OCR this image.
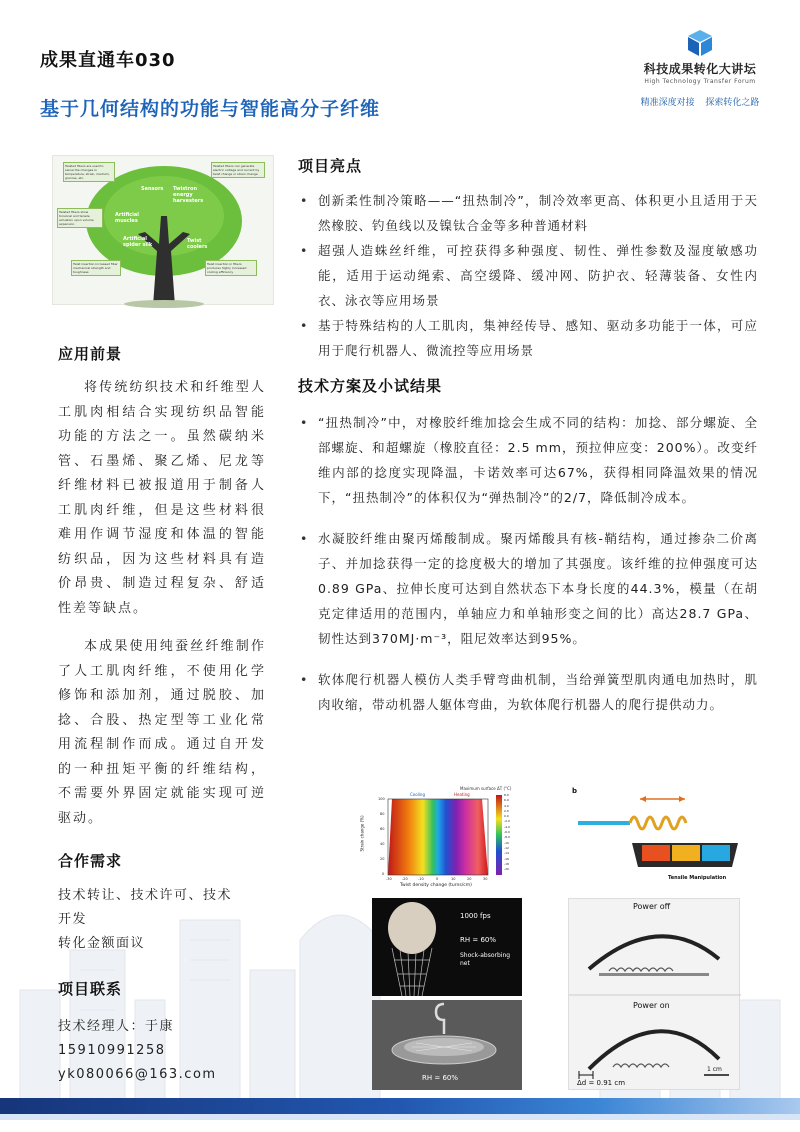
成果直通车030	科技成果转化大讲坛
High Technology Transfer Forum
精准深度对接 探索转化之路
基于几何结构的功能与智能高分子纤维
Twisted fibers are used to sense the changes in temperature, strain, medium, glucose, etc.
Twisted fibers can generate electric voltage and current by twist change or strain change
Twisted fibers show torsional and tensile actuation upon volume expansion
Twist insertion increased fiber mechanical strength and toughness
Twist insertion in fibers produces highly increased cooling efficiency
Sensors Twistron energy harvesters
Artificial muscles
Artificial spider silk
Twist coolers
应用前景
将传统纺织技术和纤维型人工肌肉相结合实现纺织品智能功能的方法之一。虽然碳纳米管、石墨烯、聚乙烯、尼龙等纤维材料已被报道用于制备人工肌肉纤维，但是这些材料很难用作调节湿度和体温的智能纺织品，因为这些材料具有造价昂贵、制造过程复杂、舒适性差等缺点。
本成果使用纯蚕丝纤维制作了人工肌肉纤维，不使用化学修饰和添加剂，通过脱胶、加捻、合股、热定型等工业化常用流程制作而成。通过自开发的一种扭矩平衡的纤维结构，不需要外界固定就能实现可逆驱动。
合作需求
技术转让、技术许可、技术
开发
转化金额面议
项目联系
技术经理人：于康
15910991258
yk080066@163.com
项目亮点
• 创新柔性制冷策略——“扭热制冷”，制冷效率更高、体积更小且适用于天然橡胶、钓鱼线以及镍钛合金等多种普通材料
• 超强人造蛛丝纤维，可控获得多种强度、韧性、弹性参数及湿度敏感功能，适用于运动绳索、高空缓降、缓冲网、防护衣、轻薄装备、女性内衣、泳衣等应用场景
• 基于特殊结构的人工肌肉，集神经传导、感知、驱动多功能于一体，可应用于爬行机器人、微流控等应用场景
技术方案及小试结果
• “扭热制冷”中，对橡胶纤维加捻会生成不同的结构：加捻、部分螺旋、全部螺旋、和超螺旋（橡胶直径：2.5 mm，预拉伸应变：200%）。改变纤维内部的捻度实现降温，卡诺效率可达67%，获得相同降温效果的情况下，“扭热制冷”的体积仅为“弹热制冷”的2/7，降低制冷成本。
• 水凝胶纤维由聚丙烯酸制成。聚丙烯酸具有核-鞘结构，通过掺杂二价离子、并加捻获得一定的捻度极大的增加了其强度。该纤维的拉伸强度可达0.89 GPa、拉伸长度可达到自然状态下本身长度的44.3%，模量（在胡克定律适用的范围内，单轴应力和单轴形变之间的比）高达28.7 GPa、韧性达到370MJ·m⁻³，阻尼效率达到95%。
• 软体爬行机器人模仿人类手臂弯曲机制，当给弹簧型肌肉通电加热时，肌肉收缩，带动机器人躯体弯曲，为软体爬行机器人的爬行提供动力。
Maximum surface ΔT (°C)
Cooling	Heating
Strain change (%)
Twist density change (turns/cm)
100
80
60
40
20
0
-30	-20	-10	0	10	20	30
8.0
6.0
4.0
2.0
0.0
-2.0
-4.0
-6.0
-8.0
-10
-12
-14
-16
-18
-20
b
Tensile Manipulation
1000 fps
RH = 60%
Shock-absorbing net
RH = 60%
Power off
Power on
Δd = 0.91 cm
1 cm
